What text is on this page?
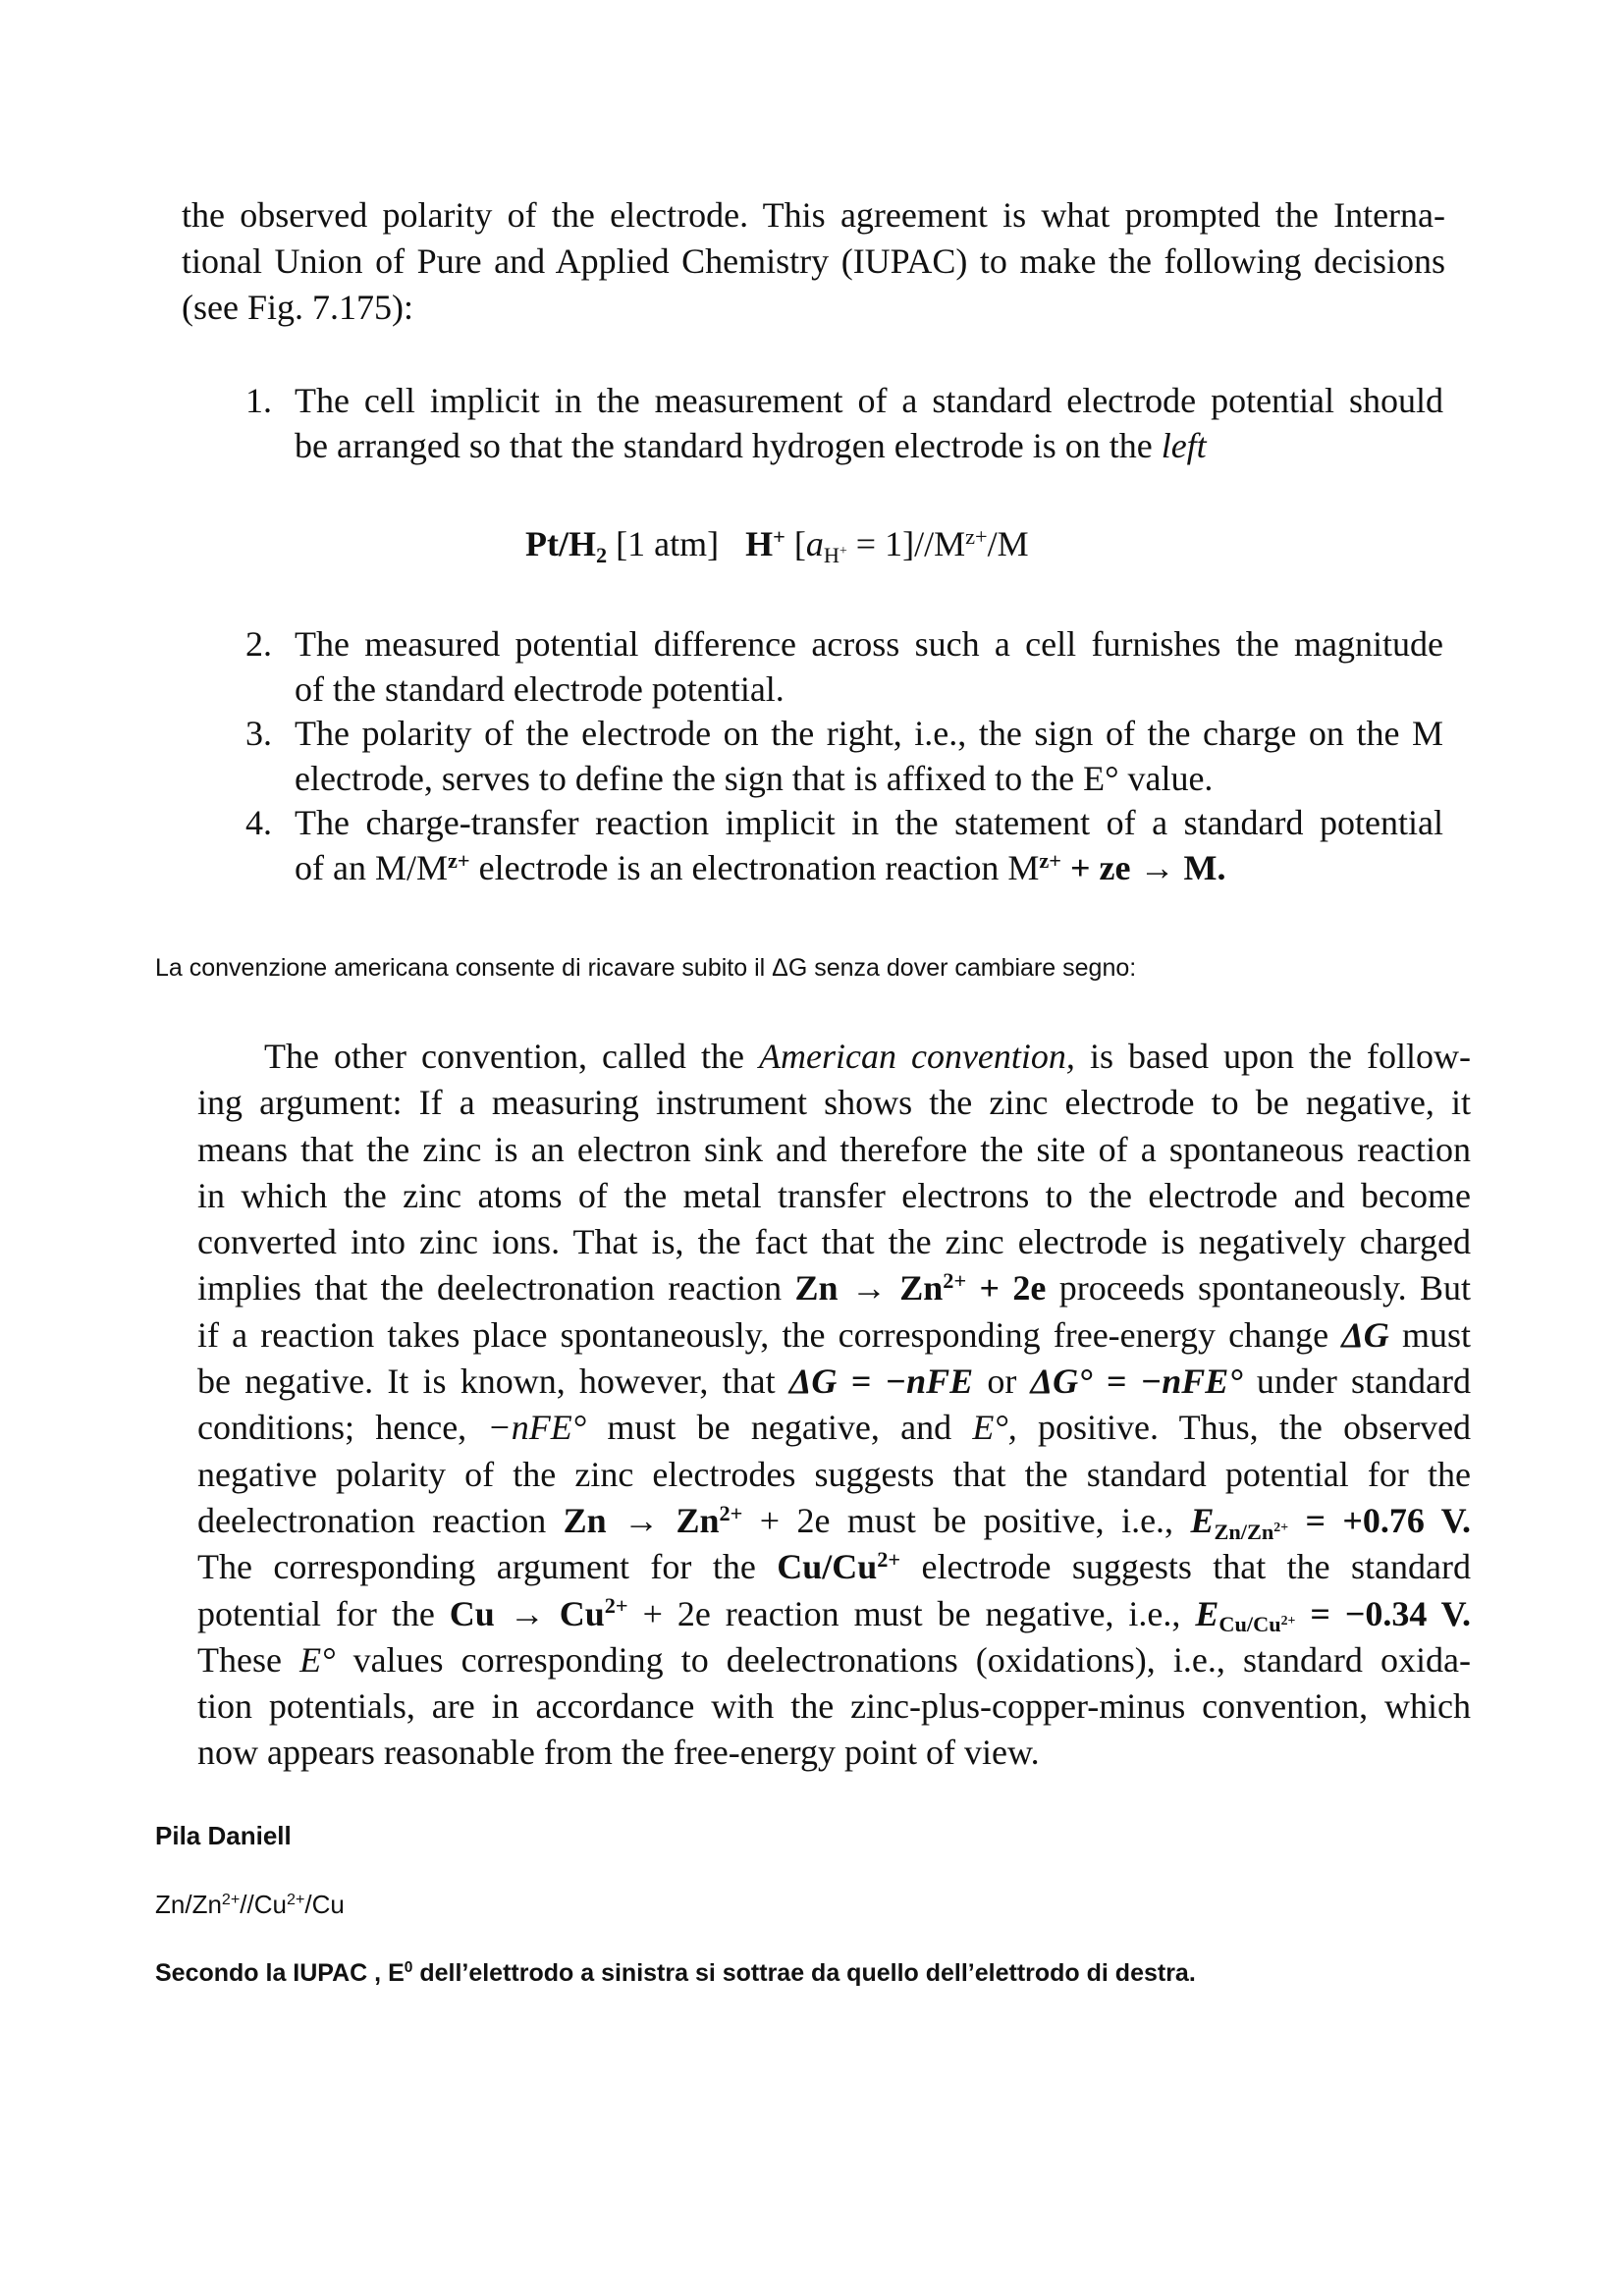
the observed polarity of the electrode. This agreement is what prompted the Interna-
tional Union of Pure and Applied Chemistry (IUPAC) to make the following decisions
(see Fig. 7.175):
1. The cell implicit in the measurement of a standard electrode potential should
be arranged so that the standard hydrogen electrode is on the left
$Pt/H_2$ [1 atm] H+ $[a_{H^+} = 1]//M^{z+}/M$
2. The measured potential difference across such a cell furnishes the magnitude
of the standard electrode potential.
3. The polarity of the electrode on the right, i.e., the sign of the charge on the M
electrode, serves to define the sign that is affixed to the E° value.
4. The charge-transfer reaction implicit in the statement of a standard potential
of an $M/M^{z+}$ electrode is an electronation reaction $M^{z+}$ + ze → M.
La convenzione americana consente di ricavare subito il ΔG senza dover cambiare segno:
The other convention, called the American convention, is based upon the follow-
ing argument: If a measuring instrument shows the zinc electrode to be negative, it
means that the zinc is an electron sink and therefore the site of a spontaneous reaction
in which the zinc atoms of the metal transfer electrons to the electrode and become
converted into zinc ions. That is, the fact that the zinc electrode is negatively charged
implies that the deelectronation reaction $Zn \to Zn^{2+} + 2e$ proceeds spontaneously. But
if a reaction takes place spontaneously, the corresponding free-energy change ΔG must
be negative. It is known, however, that ΔG = −nFE or ΔG° = −nFE° under standard
conditions; hence, −nFE° must be negative, and E°, positive. Thus, the observed
negative polarity of the zinc electrodes suggests that the standard potential for the
deelectronation reaction $Zn \to Zn^{2+} + 2e$ must be positive, i.e., $E_{Zn/Zn^{2+}} = +0.76$ V.
The corresponding argument for the $Cu/Cu^{2+}$ electrode suggests that the standard
potential for the $Cu \to Cu^{2+} + 2e$ reaction must be negative, i.e., $E_{Cu/Cu^{2+}} = -0.34$ V.
These E° values corresponding to deelectronations (oxidations), i.e., standard oxida-
tion potentials, are in accordance with the zinc-plus-copper-minus convention, which
now appears reasonable from the free-energy point of view.
Pila Daniell
$Zn/Zn^{2+}//Cu^{2+}/Cu$
Secondo la IUPAC , $E^0$ dell’elettrodo a sinistra si sottrae da quello dell’elettrodo di destra.
